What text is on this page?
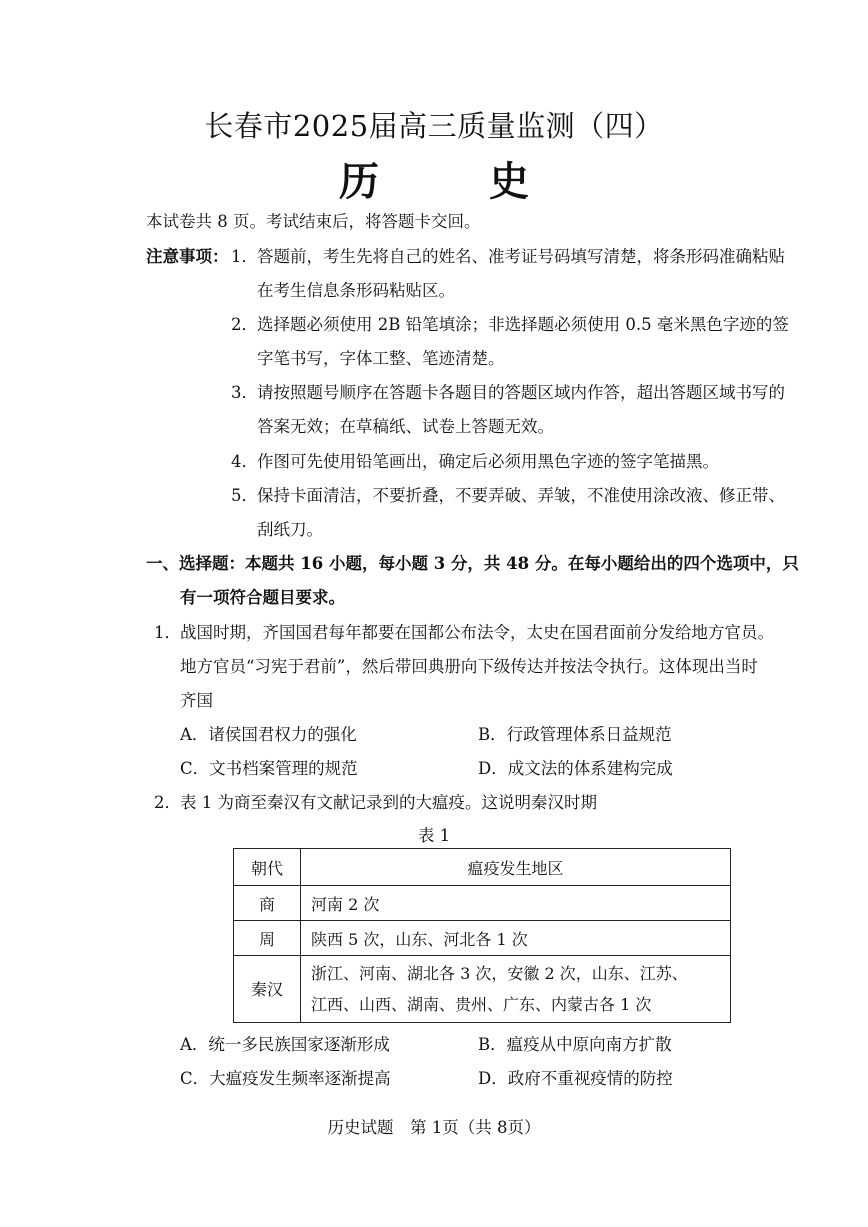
长春市2025届高三质量监测（四）
历 史
本试卷共 8 页。考试结束后，将答题卡交回。
注意事项： 1． 答题前，考生先将自己的姓名、准考证号码填写清楚，将条形码准确粘贴
在考生信息条形码粘贴区。
2． 选择题必须使用 2B 铅笔填涂；非选择题必须使用 0.5 毫米黑色字迹的签
字笔书写，字体工整、笔迹清楚。
3． 请按照题号顺序在答题卡各题目的答题区域内作答，超出答题区域书写的
答案无效；在草稿纸、试卷上答题无效。
4． 作图可先使用铅笔画出，确定后必须用黑色字迹的签字笔描黑。
5． 保持卡面清洁，不要折叠，不要弄破、弄皱，不准使用涂改液、修正带、
刮纸刀。
一、选择题：本题共 16 小题，每小题 3 分，共 48 分。在每小题给出的四个选项中，只
有一项符合题目要求。
1． 战国时期，齐国国君每年都要在国都公布法令，太史在国君面前分发给地方官员。
地方官员“习宪于君前”，然后带回典册向下级传达并按法令执行。这体现出当时
齐国
A．诸侯国君权力的强化	B．行政管理体系日益规范
C．文书档案管理的规范	D．成文法的体系建构完成
2． 表 1 为商至秦汉有文献记录到的大瘟疫。这说明秦汉时期
表 1
朝代	瘟疫发生地区
商	河南 2 次
周	陕西 5 次，山东、河北各 1 次
秦汉	浙江、河南、湖北各 3 次，安徽 2 次，山东、江苏、
江西、山西、湖南、贵州、广东、内蒙古各 1 次
A．统一多民族国家逐渐形成	B．瘟疫从中原向南方扩散
C．大瘟疫发生频率逐渐提高	D．政府不重视疫情的防控
历史试题　第 1页（共 8页）
